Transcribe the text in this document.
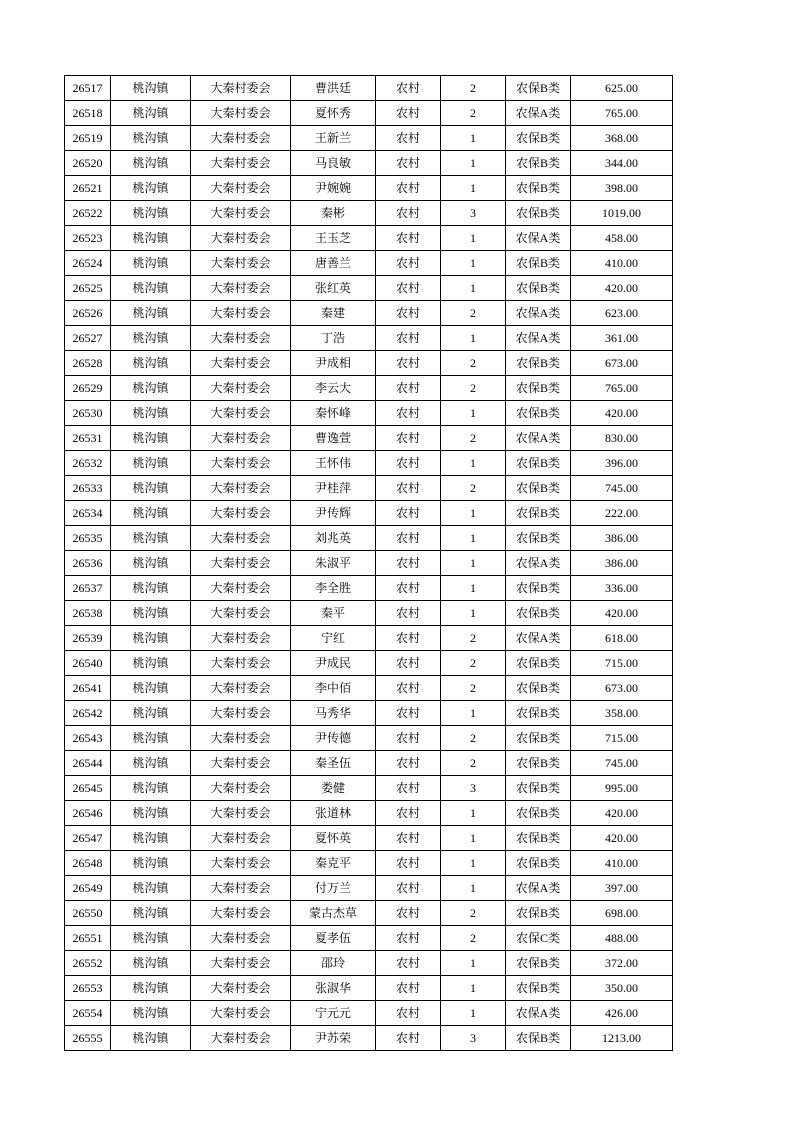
26517	桃沟镇	大秦村委会	曹洪廷	农村	2	农保B类	625.00
26518	桃沟镇	大秦村委会	夏怀秀	农村	2	农保A类	765.00
26519	桃沟镇	大秦村委会	王新兰	农村	1	农保B类	368.00
26520	桃沟镇	大秦村委会	马良敏	农村	1	农保B类	344.00
26521	桃沟镇	大秦村委会	尹婉婉	农村	1	农保B类	398.00
26522	桃沟镇	大秦村委会	秦彬	农村	3	农保B类	1019.00
26523	桃沟镇	大秦村委会	王玉芝	农村	1	农保A类	458.00
26524	桃沟镇	大秦村委会	唐善兰	农村	1	农保B类	410.00
26525	桃沟镇	大秦村委会	张红英	农村	1	农保B类	420.00
26526	桃沟镇	大秦村委会	秦建	农村	2	农保A类	623.00
26527	桃沟镇	大秦村委会	丁浩	农村	1	农保A类	361.00
26528	桃沟镇	大秦村委会	尹成相	农村	2	农保B类	673.00
26529	桃沟镇	大秦村委会	李云大	农村	2	农保B类	765.00
26530	桃沟镇	大秦村委会	秦怀峰	农村	1	农保B类	420.00
26531	桃沟镇	大秦村委会	曹逸萱	农村	2	农保A类	830.00
26532	桃沟镇	大秦村委会	王怀伟	农村	1	农保B类	396.00
26533	桃沟镇	大秦村委会	尹桂萍	农村	2	农保B类	745.00
26534	桃沟镇	大秦村委会	尹传辉	农村	1	农保B类	222.00
26535	桃沟镇	大秦村委会	刘兆英	农村	1	农保B类	386.00
26536	桃沟镇	大秦村委会	朱淑平	农村	1	农保A类	386.00
26537	桃沟镇	大秦村委会	李全胜	农村	1	农保B类	336.00
26538	桃沟镇	大秦村委会	秦平	农村	1	农保B类	420.00
26539	桃沟镇	大秦村委会	宁红	农村	2	农保A类	618.00
26540	桃沟镇	大秦村委会	尹成民	农村	2	农保B类	715.00
26541	桃沟镇	大秦村委会	李中佰	农村	2	农保B类	673.00
26542	桃沟镇	大秦村委会	马秀华	农村	1	农保B类	358.00
26543	桃沟镇	大秦村委会	尹传德	农村	2	农保B类	715.00
26544	桃沟镇	大秦村委会	秦圣伍	农村	2	农保B类	745.00
26545	桃沟镇	大秦村委会	娄健	农村	3	农保B类	995.00
26546	桃沟镇	大秦村委会	张道林	农村	1	农保B类	420.00
26547	桃沟镇	大秦村委会	夏怀英	农村	1	农保B类	420.00
26548	桃沟镇	大秦村委会	秦克平	农村	1	农保B类	410.00
26549	桃沟镇	大秦村委会	付万兰	农村	1	农保A类	397.00
26550	桃沟镇	大秦村委会	蒙古杰草	农村	2	农保B类	698.00
26551	桃沟镇	大秦村委会	夏孝伍	农村	2	农保C类	488.00
26552	桃沟镇	大秦村委会	邵玲	农村	1	农保B类	372.00
26553	桃沟镇	大秦村委会	张淑华	农村	1	农保B类	350.00
26554	桃沟镇	大秦村委会	宁元元	农村	1	农保A类	426.00
26555	桃沟镇	大秦村委会	尹苏荣	农村	3	农保B类	1213.00
